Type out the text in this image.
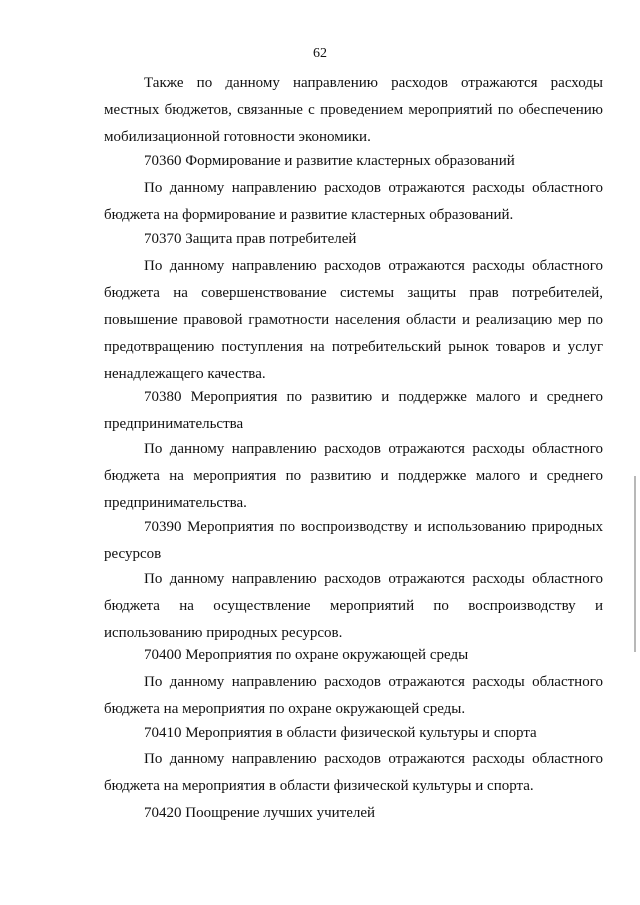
62

Также по данному направлению расходов отражаются расходы местных бюджетов, связанные с проведением мероприятий по обеспечению мобилизационной готовности экономики.

70360 Формирование и развитие кластерных образований

По данному направлению расходов отражаются расходы областного бюджета на формирование и развитие кластерных образований.

70370 Защита прав потребителей

По данному направлению расходов отражаются расходы областного бюджета на совершенствование системы защиты прав потребителей, повышение правовой грамотности населения области и реализацию мер по предотвращению поступления на потребительский рынок товаров и услуг ненадлежащего качества.

70380 Мероприятия по развитию и поддержке малого и среднего предпринимательства

По данному направлению расходов отражаются расходы областного бюджета на мероприятия по развитию и поддержке малого и среднего предпринимательства.

70390 Мероприятия по воспроизводству и использованию природных ресурсов

По данному направлению расходов отражаются расходы областного бюджета на осуществление мероприятий по воспроизводству и использованию природных ресурсов.

70400 Мероприятия по охране окружающей среды

По данному направлению расходов отражаются расходы областного бюджета на мероприятия по охране окружающей среды.

70410 Мероприятия в области физической культуры и спорта

По данному направлению расходов отражаются расходы областного бюджета на мероприятия в области физической культуры и спорта.

70420 Поощрение лучших учителей
